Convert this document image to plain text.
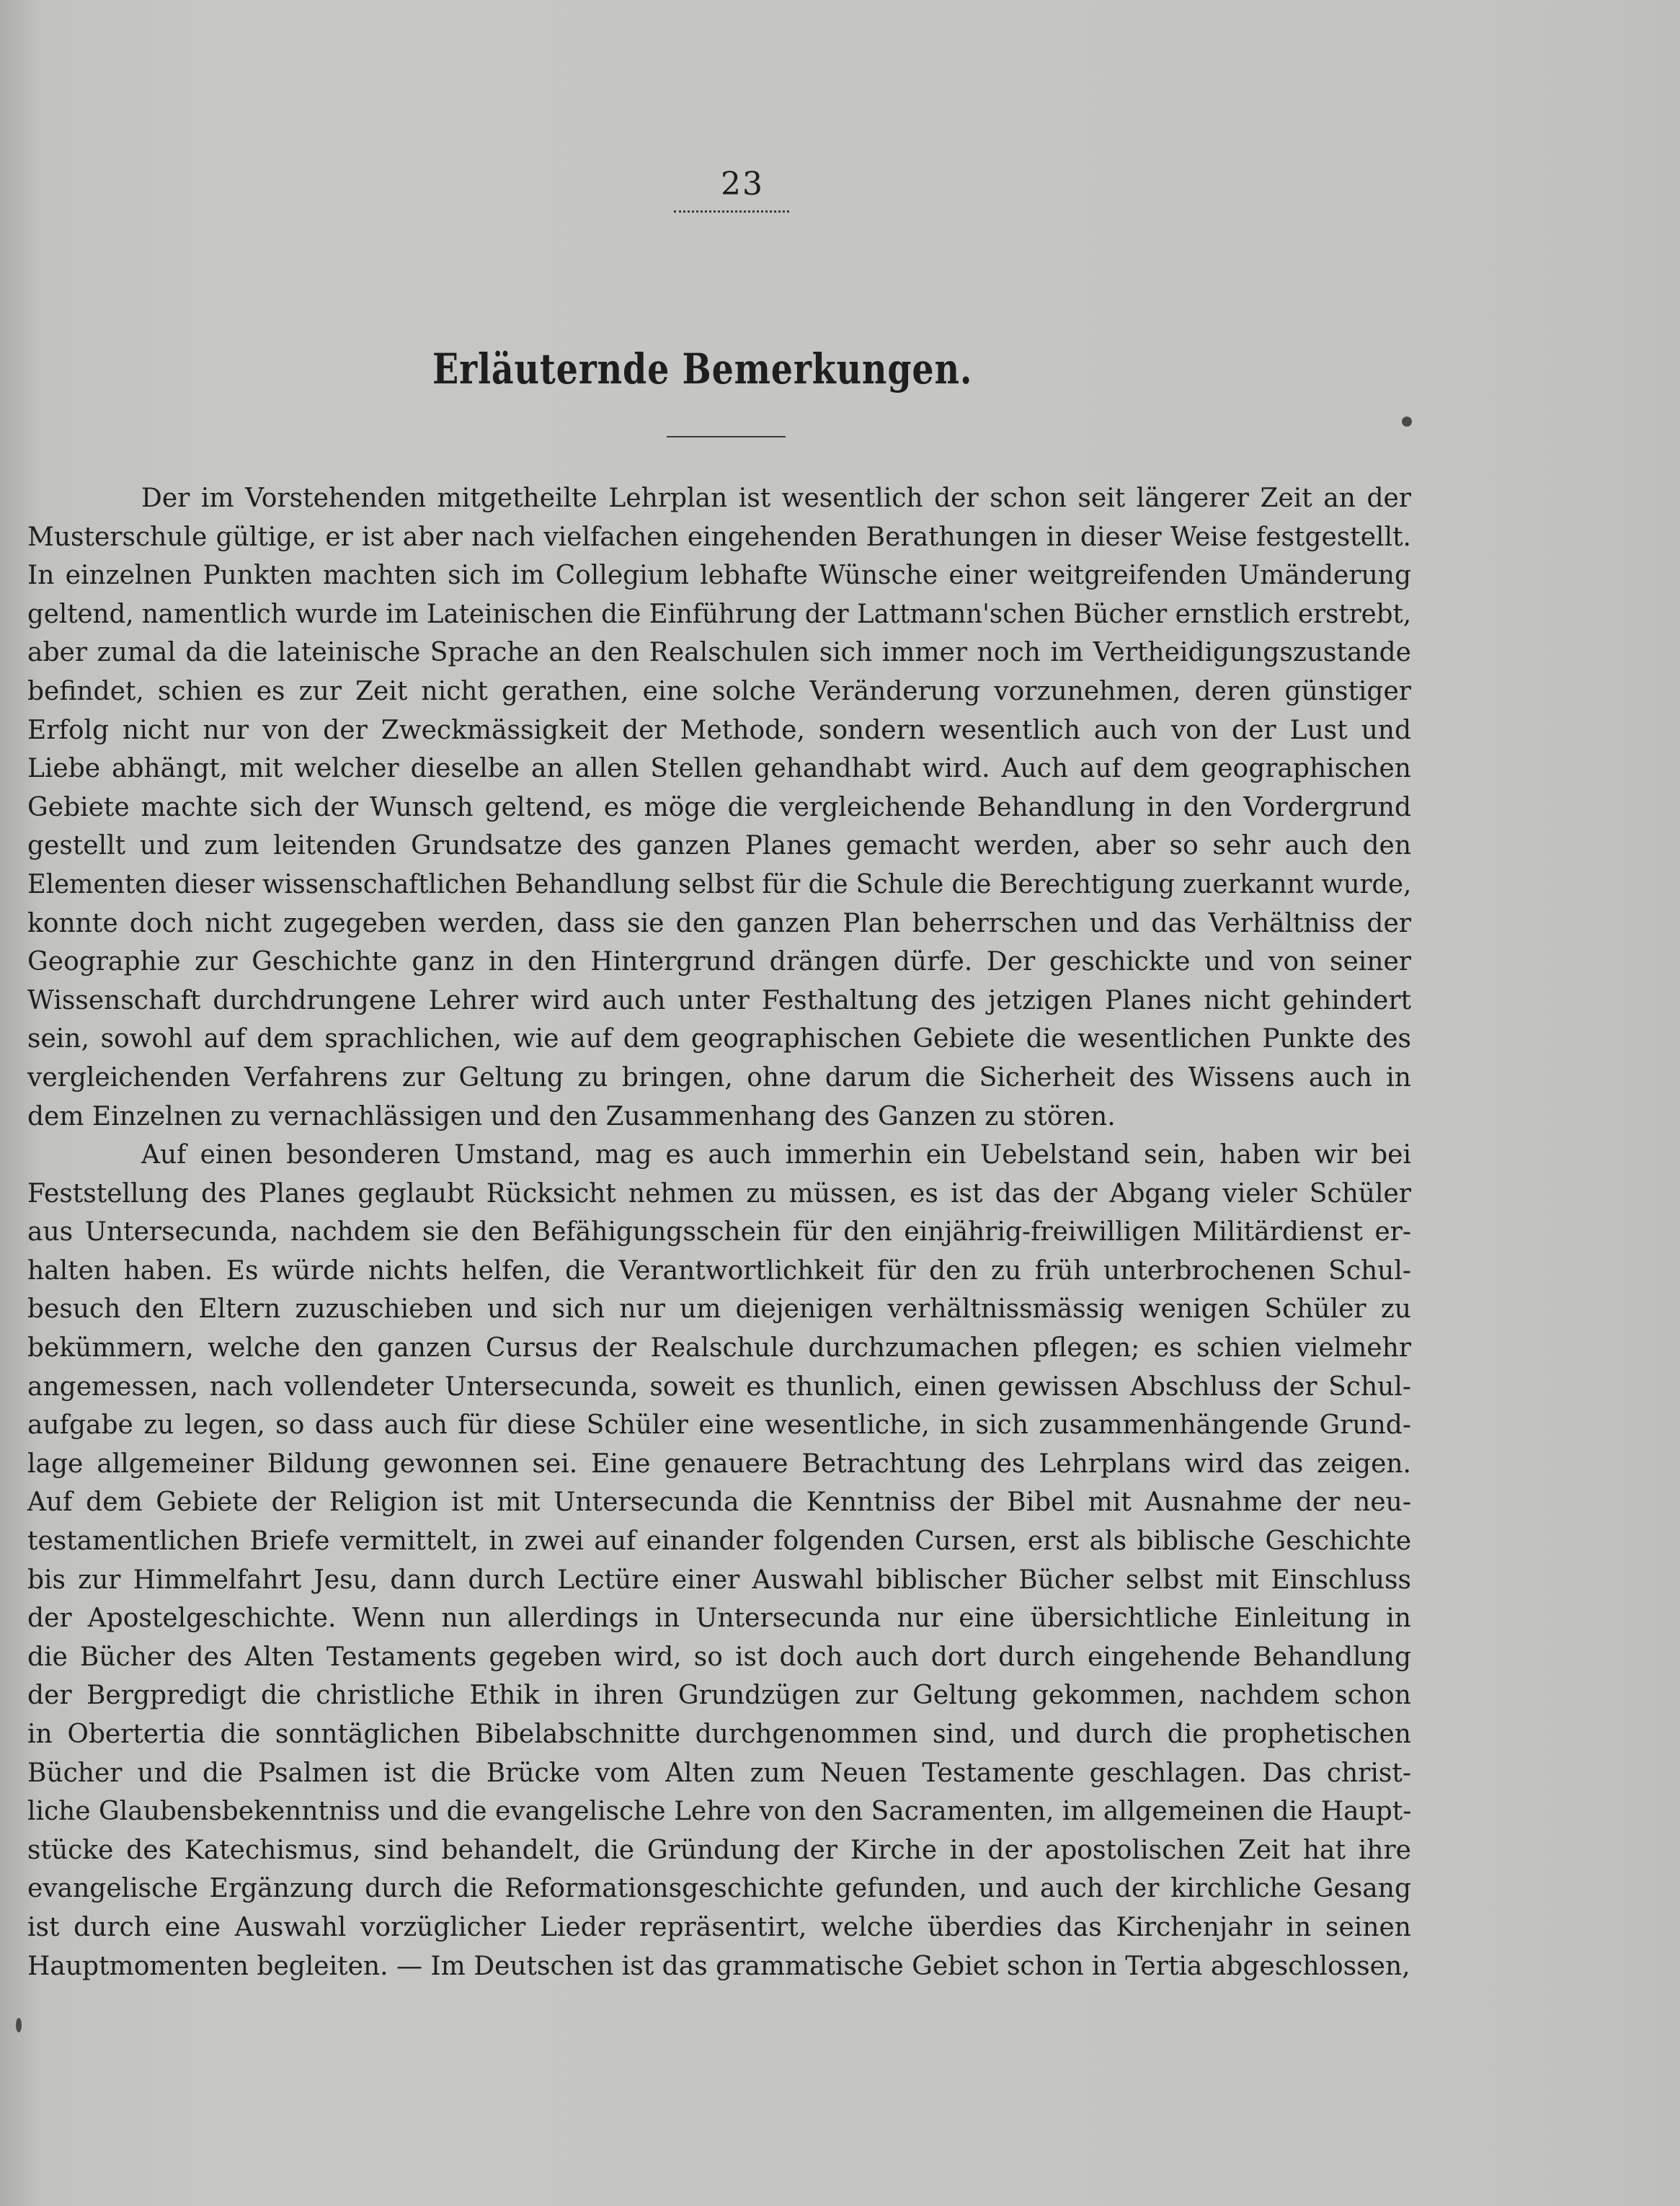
23
Erläuternde Bemerkungen.
Der im Vorstehenden mitgetheilte Lehrplan ist wesentlich der schon seit längerer Zeit an der
Musterschule gültige, er ist aber nach vielfachen eingehenden Berathungen in dieser Weise festgestellt.
In einzelnen Punkten machten sich im Collegium lebhafte Wünsche einer weitgreifenden Umänderung
geltend, namentlich wurde im Lateinischen die Einführung der Lattmann'schen Bücher ernstlich erstrebt,
aber zumal da die lateinische Sprache an den Realschulen sich immer noch im Vertheidigungszustande
befindet, schien es zur Zeit nicht gerathen, eine solche Veränderung vorzunehmen, deren günstiger
Erfolg nicht nur von der Zweckmässigkeit der Methode, sondern wesentlich auch von der Lust und
Liebe abhängt, mit welcher dieselbe an allen Stellen gehandhabt wird. Auch auf dem geographischen
Gebiete machte sich der Wunsch geltend, es möge die vergleichende Behandlung in den Vordergrund
gestellt und zum leitenden Grundsatze des ganzen Planes gemacht werden, aber so sehr auch den
Elementen dieser wissenschaftlichen Behandlung selbst für die Schule die Berechtigung zuerkannt wurde,
konnte doch nicht zugegeben werden, dass sie den ganzen Plan beherrschen und das Verhältniss der
Geographie zur Geschichte ganz in den Hintergrund drängen dürfe. Der geschickte und von seiner
Wissenschaft durchdrungene Lehrer wird auch unter Festhaltung des jetzigen Planes nicht gehindert
sein, sowohl auf dem sprachlichen, wie auf dem geographischen Gebiete die wesentlichen Punkte des
vergleichenden Verfahrens zur Geltung zu bringen, ohne darum die Sicherheit des Wissens auch in
dem Einzelnen zu vernachlässigen und den Zusammenhang des Ganzen zu stören.
Auf einen besonderen Umstand, mag es auch immerhin ein Uebelstand sein, haben wir bei
Feststellung des Planes geglaubt Rücksicht nehmen zu müssen, es ist das der Abgang vieler Schüler
aus Untersecunda, nachdem sie den Befähigungsschein für den einjährig-freiwilligen Militärdienst er-
halten haben. Es würde nichts helfen, die Verantwortlichkeit für den zu früh unterbrochenen Schul-
besuch den Eltern zuzuschieben und sich nur um diejenigen verhältnissmässig wenigen Schüler zu
bekümmern, welche den ganzen Cursus der Realschule durchzumachen pflegen; es schien vielmehr
angemessen, nach vollendeter Untersecunda, soweit es thunlich, einen gewissen Abschluss der Schul-
aufgabe zu legen, so dass auch für diese Schüler eine wesentliche, in sich zusammenhängende Grund-
lage allgemeiner Bildung gewonnen sei. Eine genauere Betrachtung des Lehrplans wird das zeigen.
Auf dem Gebiete der Religion ist mit Untersecunda die Kenntniss der Bibel mit Ausnahme der neu-
testamentlichen Briefe vermittelt, in zwei auf einander folgenden Cursen, erst als biblische Geschichte
bis zur Himmelfahrt Jesu, dann durch Lectüre einer Auswahl biblischer Bücher selbst mit Einschluss
der Apostelgeschichte. Wenn nun allerdings in Untersecunda nur eine übersichtliche Einleitung in
die Bücher des Alten Testaments gegeben wird, so ist doch auch dort durch eingehende Behandlung
der Bergpredigt die christliche Ethik in ihren Grundzügen zur Geltung gekommen, nachdem schon
in Obertertia die sonntäglichen Bibelabschnitte durchgenommen sind, und durch die prophetischen
Bücher und die Psalmen ist die Brücke vom Alten zum Neuen Testamente geschlagen. Das christ-
liche Glaubensbekenntniss und die evangelische Lehre von den Sacramenten, im allgemeinen die Haupt-
stücke des Katechismus, sind behandelt, die Gründung der Kirche in der apostolischen Zeit hat ihre
evangelische Ergänzung durch die Reformationsgeschichte gefunden, und auch der kirchliche Gesang
ist durch eine Auswahl vorzüglicher Lieder repräsentirt, welche überdies das Kirchenjahr in seinen
Hauptmomenten begleiten. — Im Deutschen ist das grammatische Gebiet schon in Tertia abgeschlossen,
